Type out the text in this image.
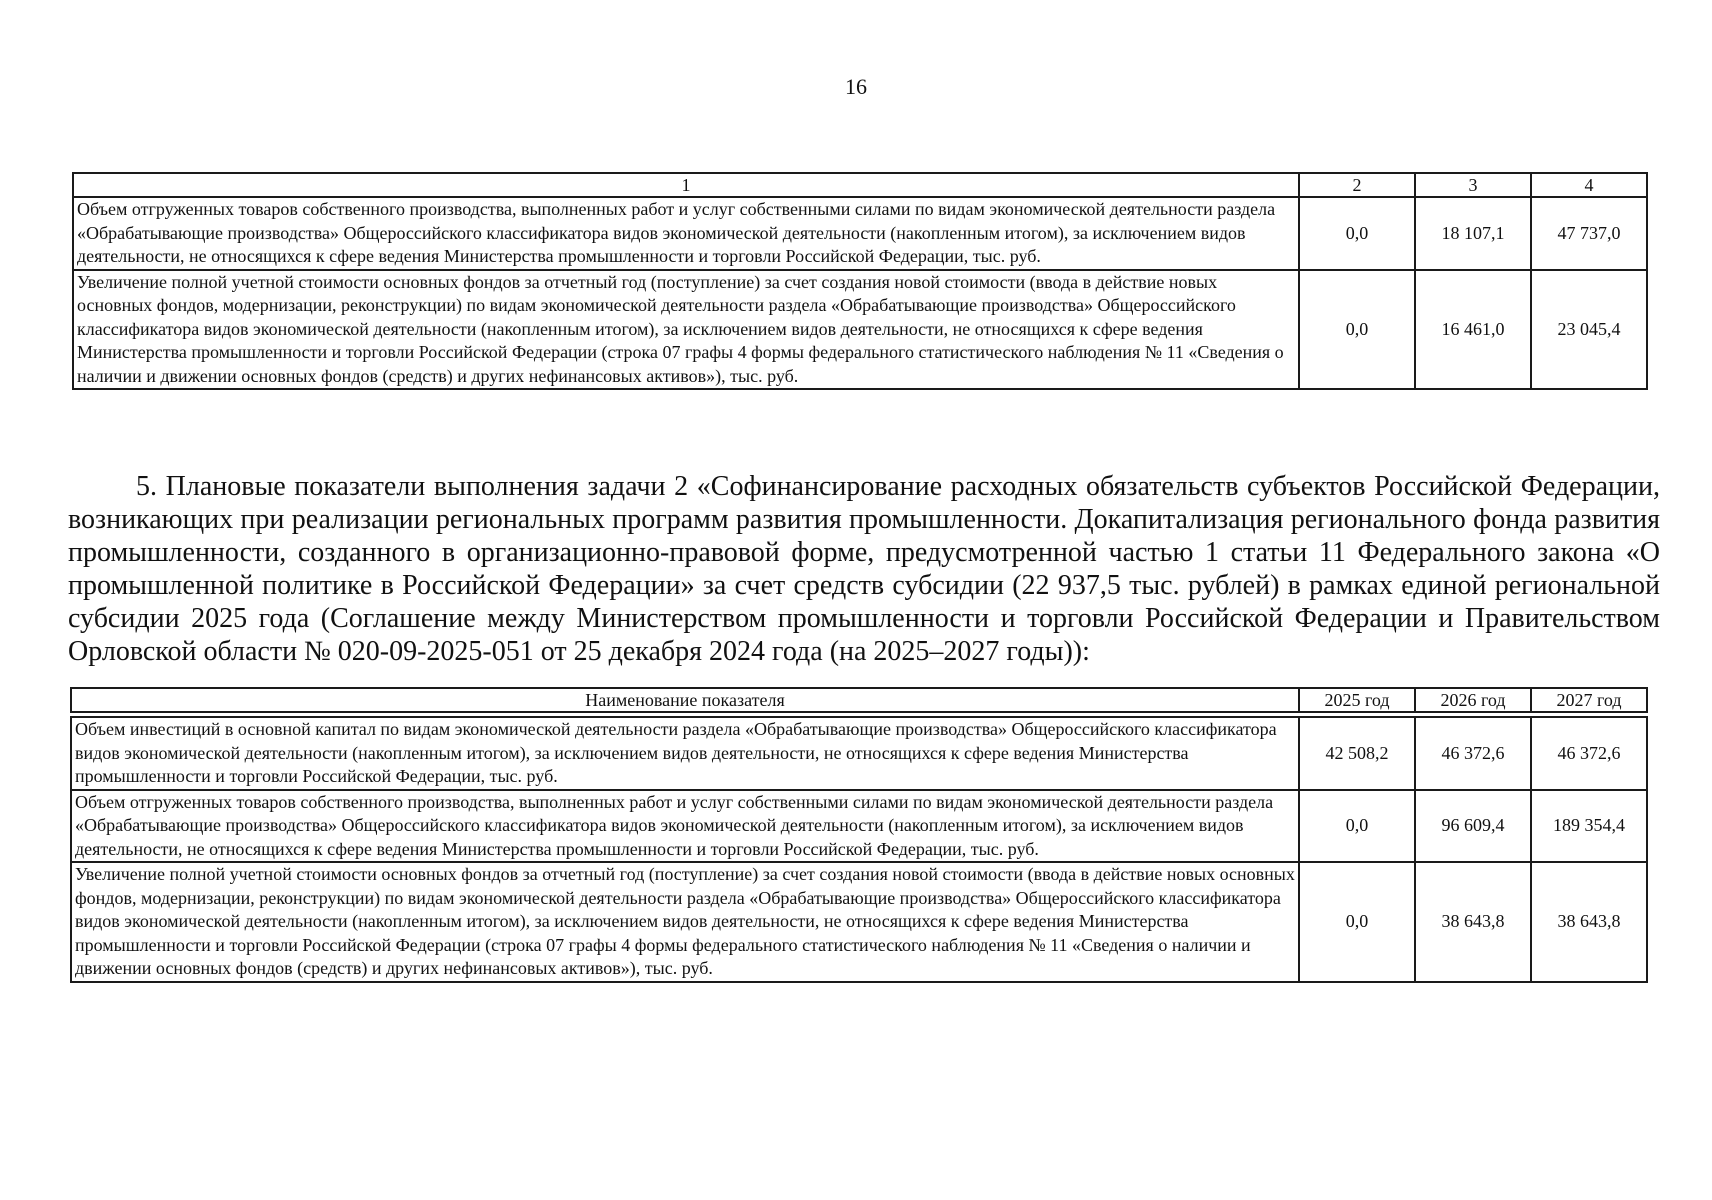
16
1	2	3	4
Объем отгруженных товаров собственного производства, выполненных работ и услуг собственными силами по видам экономической деятельности раздела «Обрабатывающие производства» Общероссийского классификатора видов экономической деятельности (накопленным итогом), за исключением видов деятельности, не относящихся к сфере ведения Министерства промышленности и торговли Российской Федерации, тыс. руб.	0,0	18 107,1	47 737,0
Увеличение полной учетной стоимости основных фондов за отчетный год (поступление) за счет создания новой стоимости (ввода в действие новых основных фондов, модернизации, реконструкции) по видам экономической деятельности раздела «Обрабатывающие производства» Общероссийского классификатора видов экономической деятельности (накопленным итогом), за исключением видов деятельности, не относящихся к сфере ведения Министерства промышленности и торговли Российской Федерации (строка 07 графы 4 формы федерального статистического наблюдения № 11 «Сведения о наличии и движении основных фондов (средств) и других нефинансовых активов»), тыс. руб.	0,0	16 461,0	23 045,4

5. Плановые показатели выполнения задачи 2 «Софинансирование расходных обязательств субъектов Российской Федерации, возникающих при реализации региональных программ развития промышленности. Докапитализация регионального фонда развития промышленности, созданного в организационно-правовой форме, предусмотренной частью 1 статьи 11 Федерального закона «О промышленной политике в Российской Федерации» за счет средств субсидии (22 937,5 тыс. рублей) в рамках единой региональной субсидии 2025 года (Соглашение между Министерством промышленности и торговли Российской Федерации и Правительством Орловской области № 020-09-2025-051 от 25 декабря 2024 года (на 2025–2027 годы)):

Наименование показателя	2025 год	2026 год	2027 год

Объем инвестиций в основной капитал по видам экономической деятельности раздела «Обрабатывающие производства» Общероссийского классификатора видов экономической деятельности (накопленным итогом), за исключением видов деятельности, не относящихся к сфере ведения Министерства промышленности и торговли Российской Федерации, тыс. руб.	42 508,2	46 372,6	46 372,6
Объем отгруженных товаров собственного производства, выполненных работ и услуг собственными силами по видам экономической деятельности раздела «Обрабатывающие производства» Общероссийского классификатора видов экономической деятельности (накопленным итогом), за исключением видов деятельности, не относящихся к сфере ведения Министерства промышленности и торговли Российской Федерации, тыс. руб.	0,0	96 609,4	189 354,4
Увеличение полной учетной стоимости основных фондов за отчетный год (поступление) за счет создания новой стоимости (ввода в действие новых основных фондов, модернизации, реконструкции) по видам экономической деятельности раздела «Обрабатывающие производства» Общероссийского классификатора видов экономической деятельности (накопленным итогом), за исключением видов деятельности, не относящихся к сфере ведения Министерства промышленности и торговли Российской Федерации (строка 07 графы 4 формы федерального статистического наблюдения № 11 «Сведения о наличии и движении основных фондов (средств) и других нефинансовых активов»), тыс. руб.	0,0	38 643,8	38 643,8
